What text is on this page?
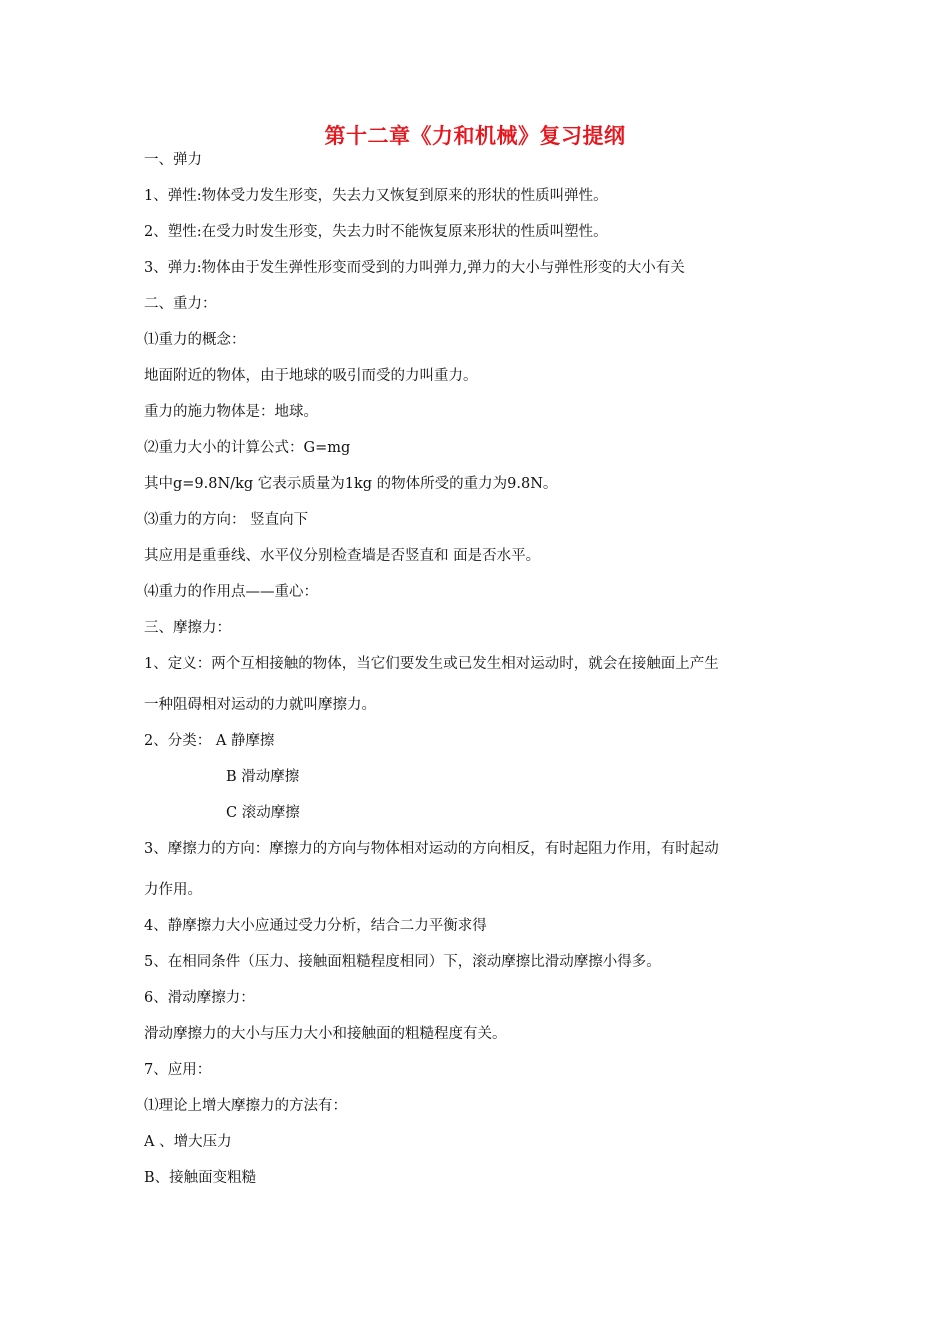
第十二章《力和机械》复习提纲
一、弹力
1、弹性:物体受力发生形变，失去力又恢复到原来的形状的性质叫弹性。
2、塑性:在受力时发生形变，失去力时不能恢复原来形状的性质叫塑性。
3、弹力:物体由于发生弹性形变而受到的力叫弹力,弹力的大小与弹性形变的大小有关
二、重力：
⑴重力的概念：
地面附近的物体，由于地球的吸引而受的力叫重力。
重力的施力物体是：地球。
⑵重力大小的计算公式：G=mg
其中g=9.8N/kg 它表示质量为1kg 的物体所受的重力为9.8N。
⑶重力的方向： 竖直向下
其应用是重垂线、水平仪分别检查墙是否竖直和 面是否水平。
⑷重力的作用点——重心：
三、摩擦力：
1、定义：两个互相接触的物体，当它们要发生或已发生相对运动时，就会在接触面上产生
一种阻碍相对运动的力就叫摩擦力。
2、分类： A 静摩擦
B 滑动摩擦
C 滚动摩擦
3、摩擦力的方向：摩擦力的方向与物体相对运动的方向相反，有时起阻力作用，有时起动
力作用。
4、静摩擦力大小应通过受力分析，结合二力平衡求得
5、在相同条件（压力、接触面粗糙程度相同）下，滚动摩擦比滑动摩擦小得多。
6、滑动摩擦力：
滑动摩擦力的大小与压力大小和接触面的粗糙程度有关。
7、应用：
⑴理论上增大摩擦力的方法有：
A 、增大压力
B、接触面变粗糙
